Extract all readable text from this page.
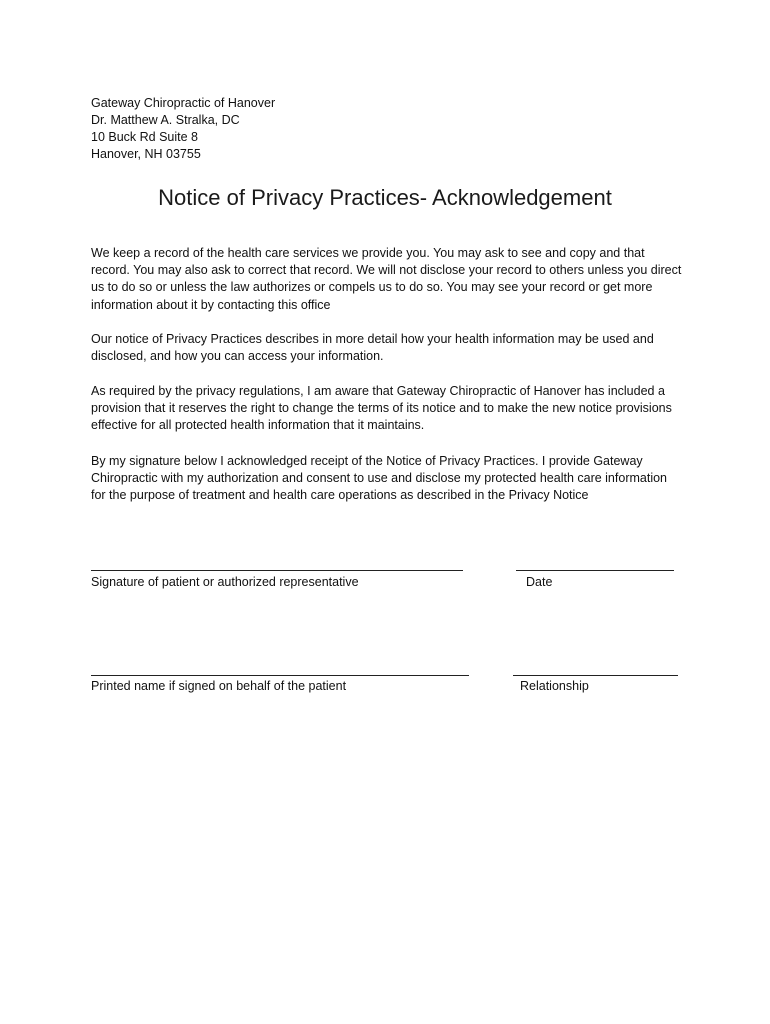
Gateway Chiropractic of Hanover
Dr. Matthew A. Stralka, DC
10 Buck Rd Suite 8
Hanover, NH 03755
Notice of Privacy Practices- Acknowledgement

We keep a record of the health care services we provide you. You may ask to see and copy and that record. You may also ask to correct that record. We will not disclose your record to others unless you direct us to do so or unless the law authorizes or compels us to do so. You may see your record or get more information about it by contacting this office

Our notice of Privacy Practices describes in more detail how your health information may be used and disclosed, and how you can access your information.

As required by the privacy regulations, I am aware that Gateway Chiropractic of Hanover has included a provision that it reserves the right to change the terms of its notice and to make the new notice provisions effective for all protected health information that it maintains.

By my signature below I acknowledged receipt of the Notice of Privacy Practices. I provide Gateway Chiropractic with my authorization and consent to use and disclose my protected health care information for the purpose of treatment and health care operations as described in the Privacy Notice

Signature of patient or authorized representative	Date
Printed name if signed on behalf of the patient	Relationship
